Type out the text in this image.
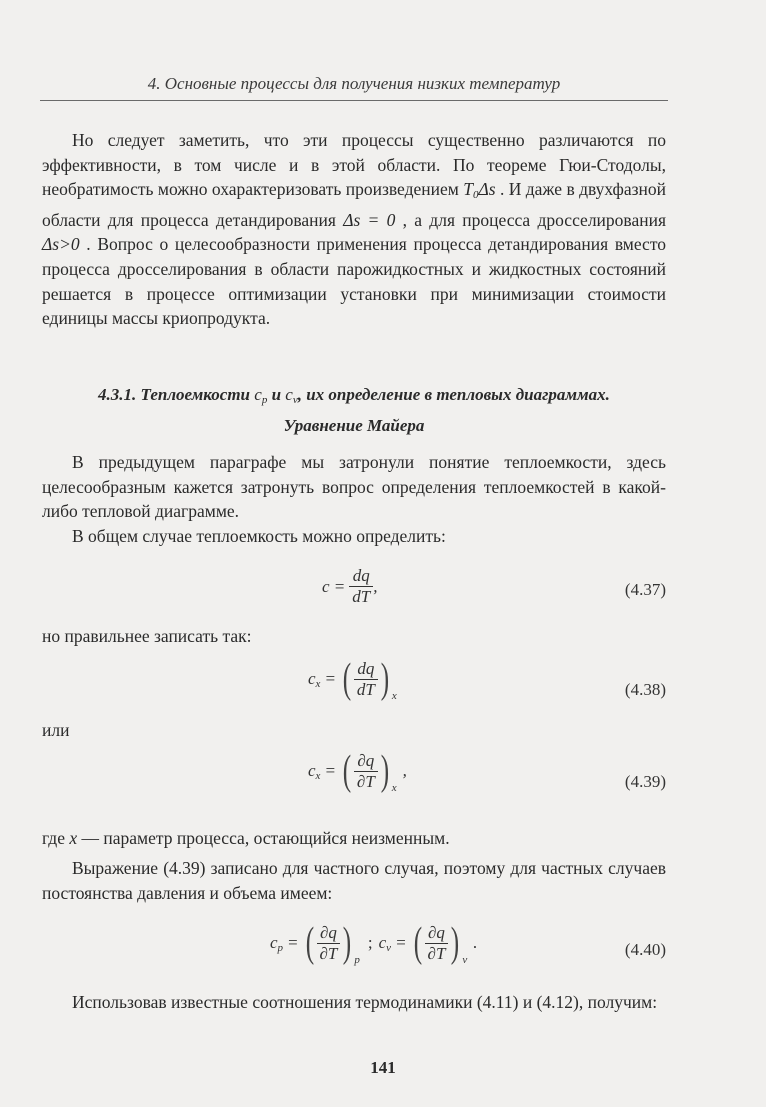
4. Основные процессы для получения низких температур
Но следует заметить, что эти процессы существенно различаются по эффективности, в том числе и в этой области. По теореме Гюи-Стодолы, необратимость можно охарактеризовать произведением $T_0\Delta s$ . И даже в двухфазной области для процесса детандирования Δs = 0 , а для процесса дросселирования Δs>0 . Вопрос о целесообразности применения процесса детандирования вместо процесса дросселирования в области парожидкостных и жидкостных состояний решается в процессе оптимизации установки при минимизации стоимости единицы массы криопродукта.
4.3.1. Теплоемкости $c_p$ и $c_v$, их определение в тепловых диаграммах.
Уравнение Майера
В предыдущем параграфе мы затронули понятие теплоемкости, здесь целесообразным кажется затронуть вопрос определения теплоемкостей в какой-либо тепловой диаграмме.
В общем случае теплоемкость можно определить:
$c = \frac{dq}{dT}$ ,	(4.37)
но правильнее записать так:
$c_x$ = ( $\frac{dq}{dT}$ ) x	(4.38)
или
$c_x$ = ( $\frac{\partial q}{\partial T}$ ) x
,
(4.39)
где x — параметр процесса, остающийся неизменным.
Выражение (4.39) записано для частного случая, поэтому для частных случаев постоянства давления и объема имеем:
$c_p$ = ( $\frac{\partial q}{\partial T}$ ) p
; $c_v$ = ( $\frac{\partial q}{\partial T}$ ) v
.	(4.40)
Использовав известные соотношения термодинамики (4.11) и (4.12), получим:
141
